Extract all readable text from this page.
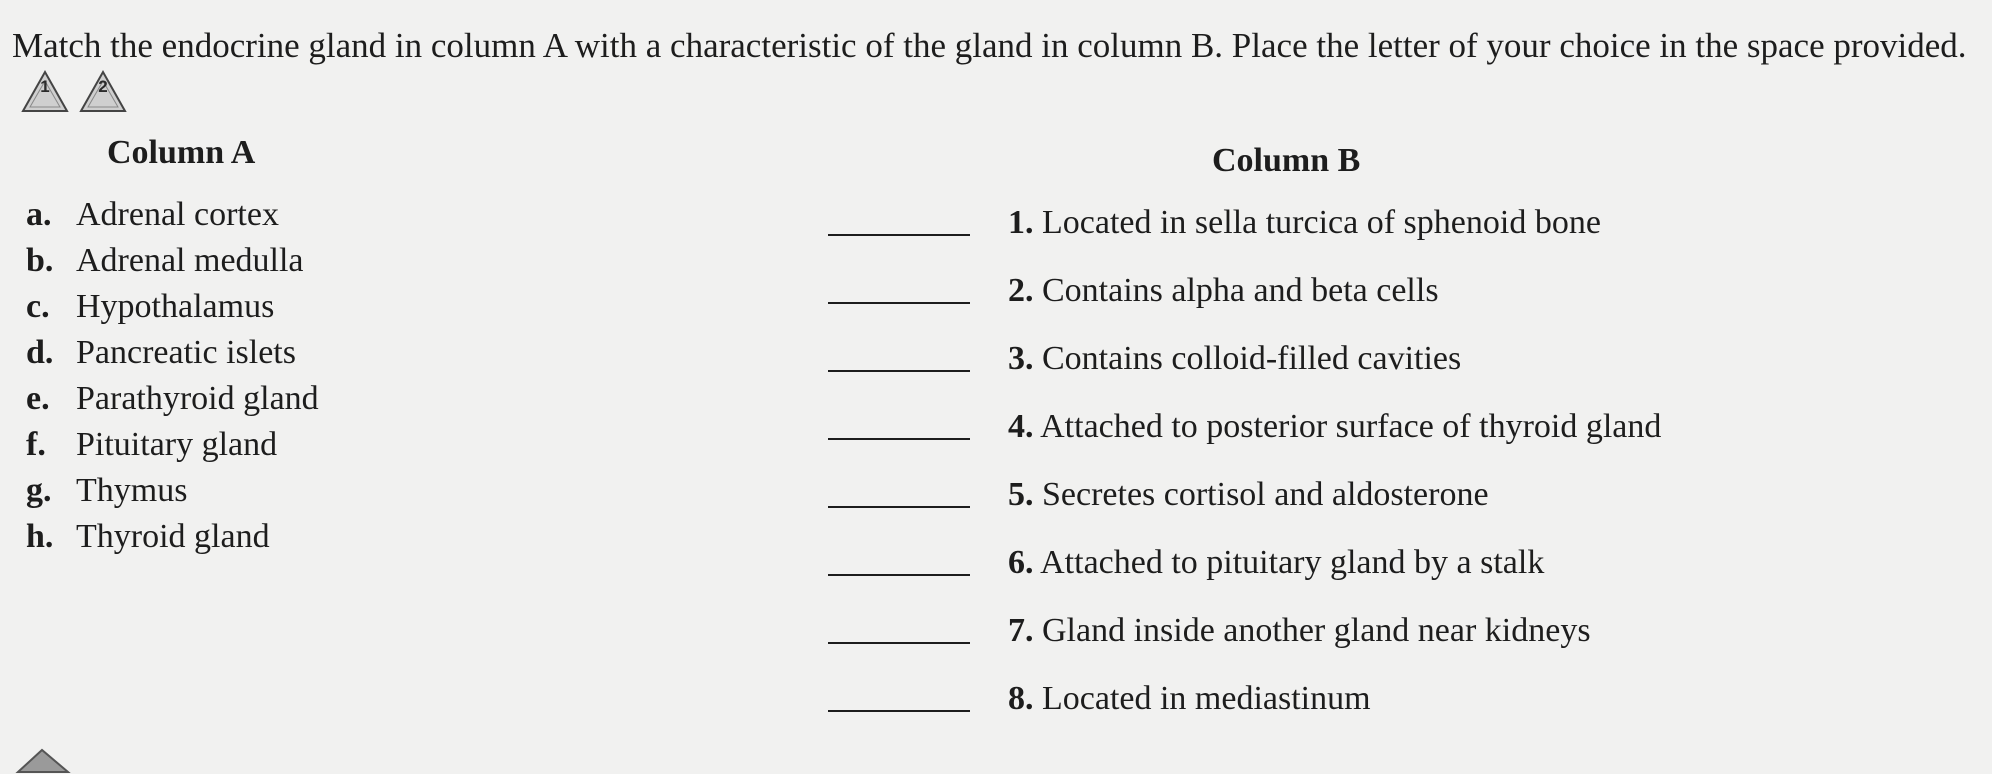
Match the endocrine gland in column A with a characteristic of the gland in column B. Place the letter of your choice in the space provided.
1	2

Column A	Column B
a. Adrenal cortex
b. Adrenal medulla
c. Hypothalamus
d. Pancreatic islets
e. Parathyroid gland
f. Pituitary gland
g. Thymus
h. Thyroid gland
1. Located in sella turcica of sphenoid bone
2. Contains alpha and beta cells
3. Contains colloid-filled cavities
4. Attached to posterior surface of thyroid gland
5. Secretes cortisol and aldosterone
6. Attached to pituitary gland by a stalk
7. Gland inside another gland near kidneys
8. Located in mediastinum
